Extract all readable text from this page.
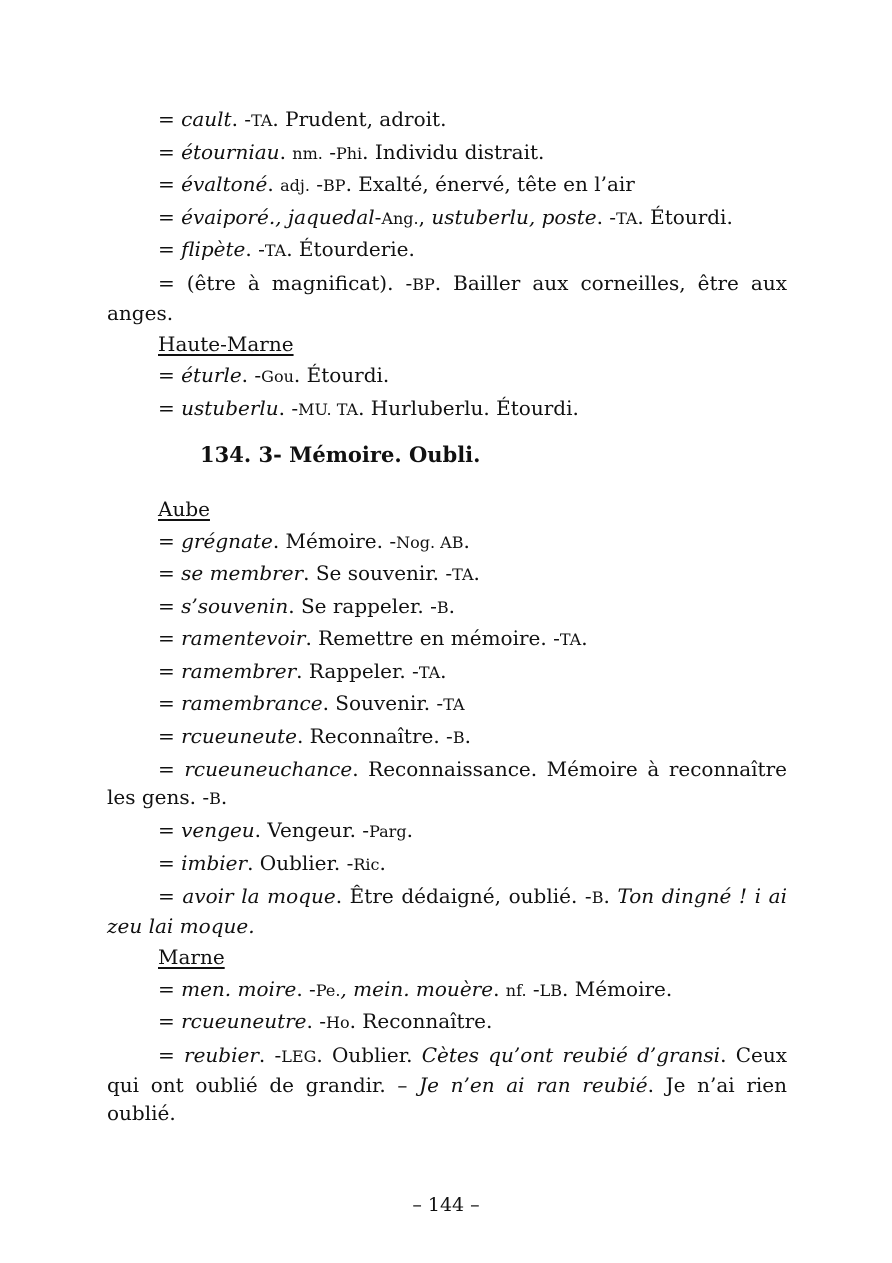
= cault. -TA. Prudent, adroit.
= étourniau. nm. -Phi. Individu distrait.
= évaltoné. adj. -BP. Exalté, énervé, tête en l’air
= évaiporé., jaquedal-Ang., ustuberlu, poste. -TA. Étourdi.
= flipète. -TA. Étourderie.
= (être à magnificat). -BP. Bailler aux corneilles, être aux anges.
Haute-Marne
= éturle. -Gou. Étourdi.
= ustuberlu. -MU. TA. Hurluberlu. Étourdi.
134. 3- Mémoire. Oubli.
Aube
= grégnate. Mémoire. -Nog. AB.
= se membrer. Se souvenir. -TA.
= s’souvenin. Se rappeler. -B.
= ramentevoir. Remettre en mémoire. -TA.
= ramembrer. Rappeler. -TA.
= ramembrance. Souvenir. -TA
= rcueuneute. Reconnaître. -B.
= rcueuneuchance. Reconnaissance. Mémoire à reconnaître les gens. -B.
= vengeu. Vengeur. -Parg.
= imbier. Oublier. -Ric.
= avoir la moque. Être dédaigné, oublié. -B. Ton dingné ! i ai zeu lai moque.
Marne
= men. moire. -Pe., mein. mouère. nf. -LB. Mémoire.
= rcueuneutre. -Ho. Reconnaître.
= reubier. -LEG. Oublier. Cètes qu’ont reubié d’gransi. Ceux qui ont oublié de grandir. – Je n’en ai ran reubié. Je n’ai rien oublié.
– 144 –
